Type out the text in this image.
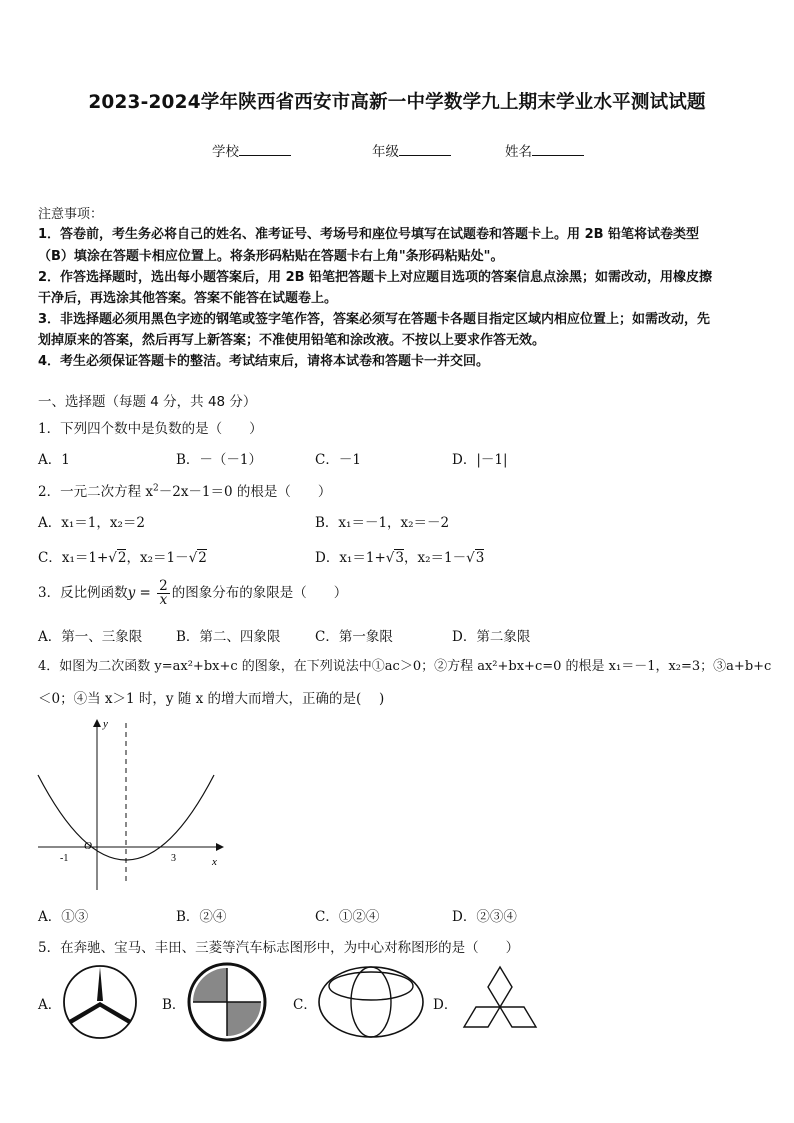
2023-2024学年陕西省西安市高新一中学数学九上期末学业水平测试试题
学校	年级	姓名
注意事项：
1．答卷前，考生务必将自己的姓名、准考证号、考场号和座位号填写在试题卷和答题卡上。用 2B 铅笔将试卷类型
（B）填涂在答题卡相应位置上。将条形码粘贴在答题卡右上角"条形码粘贴处"。
2．作答选择题时，选出每小题答案后，用 2B 铅笔把答题卡上对应题目选项的答案信息点涂黑；如需改动，用橡皮擦
干净后，再选涂其他答案。答案不能答在试题卷上。
3．非选择题必须用黑色字迹的钢笔或签字笔作答，答案必须写在答题卡各题目指定区域内相应位置上；如需改动，先
划掉原来的答案，然后再写上新答案；不准使用铅笔和涂改液。不按以上要求作答无效。
4．考生必须保证答题卡的整洁。考试结束后，请将本试卷和答题卡一并交回。
一、选择题（每题 4 分，共 48 分）
1．下列四个数中是负数的是（　　）
A．1	B．－（－1）	C．－1	D．|－1|
2．一元二次方程 $x^2-2x-1=0$ 的根是（　　）
A．x₁＝1，x₂＝2	B．x₁＝－1，x₂＝－2
C．x₁＝1+√2，x₂＝1－√2	D．x₁＝1+√3，x₂＝1－√3
3．反比例函数$y = \frac{2}{x}$ 的图象分布的象限是（　　）
A．第一、三象限	B．第二、四象限	C．第一象限	D．第二象限
4．如图为二次函数 y=ax²+bx+c 的图象，在下列说法中①ac＞0；②方程 ax²+bx+c=0 的根是 x₁＝－1，x₂=3；③a+b+c
＜0；④当 x＞1 时，y 随 x 的增大而增大，正确的是(　 )
y
x
O
-1	3
A．①③	B．②④	C．①②④	D．②③④
5．在奔驰、宝马、丰田、三菱等汽车标志图形中，为中心对称图形的是（　　）
A．	B．	C．	D．
